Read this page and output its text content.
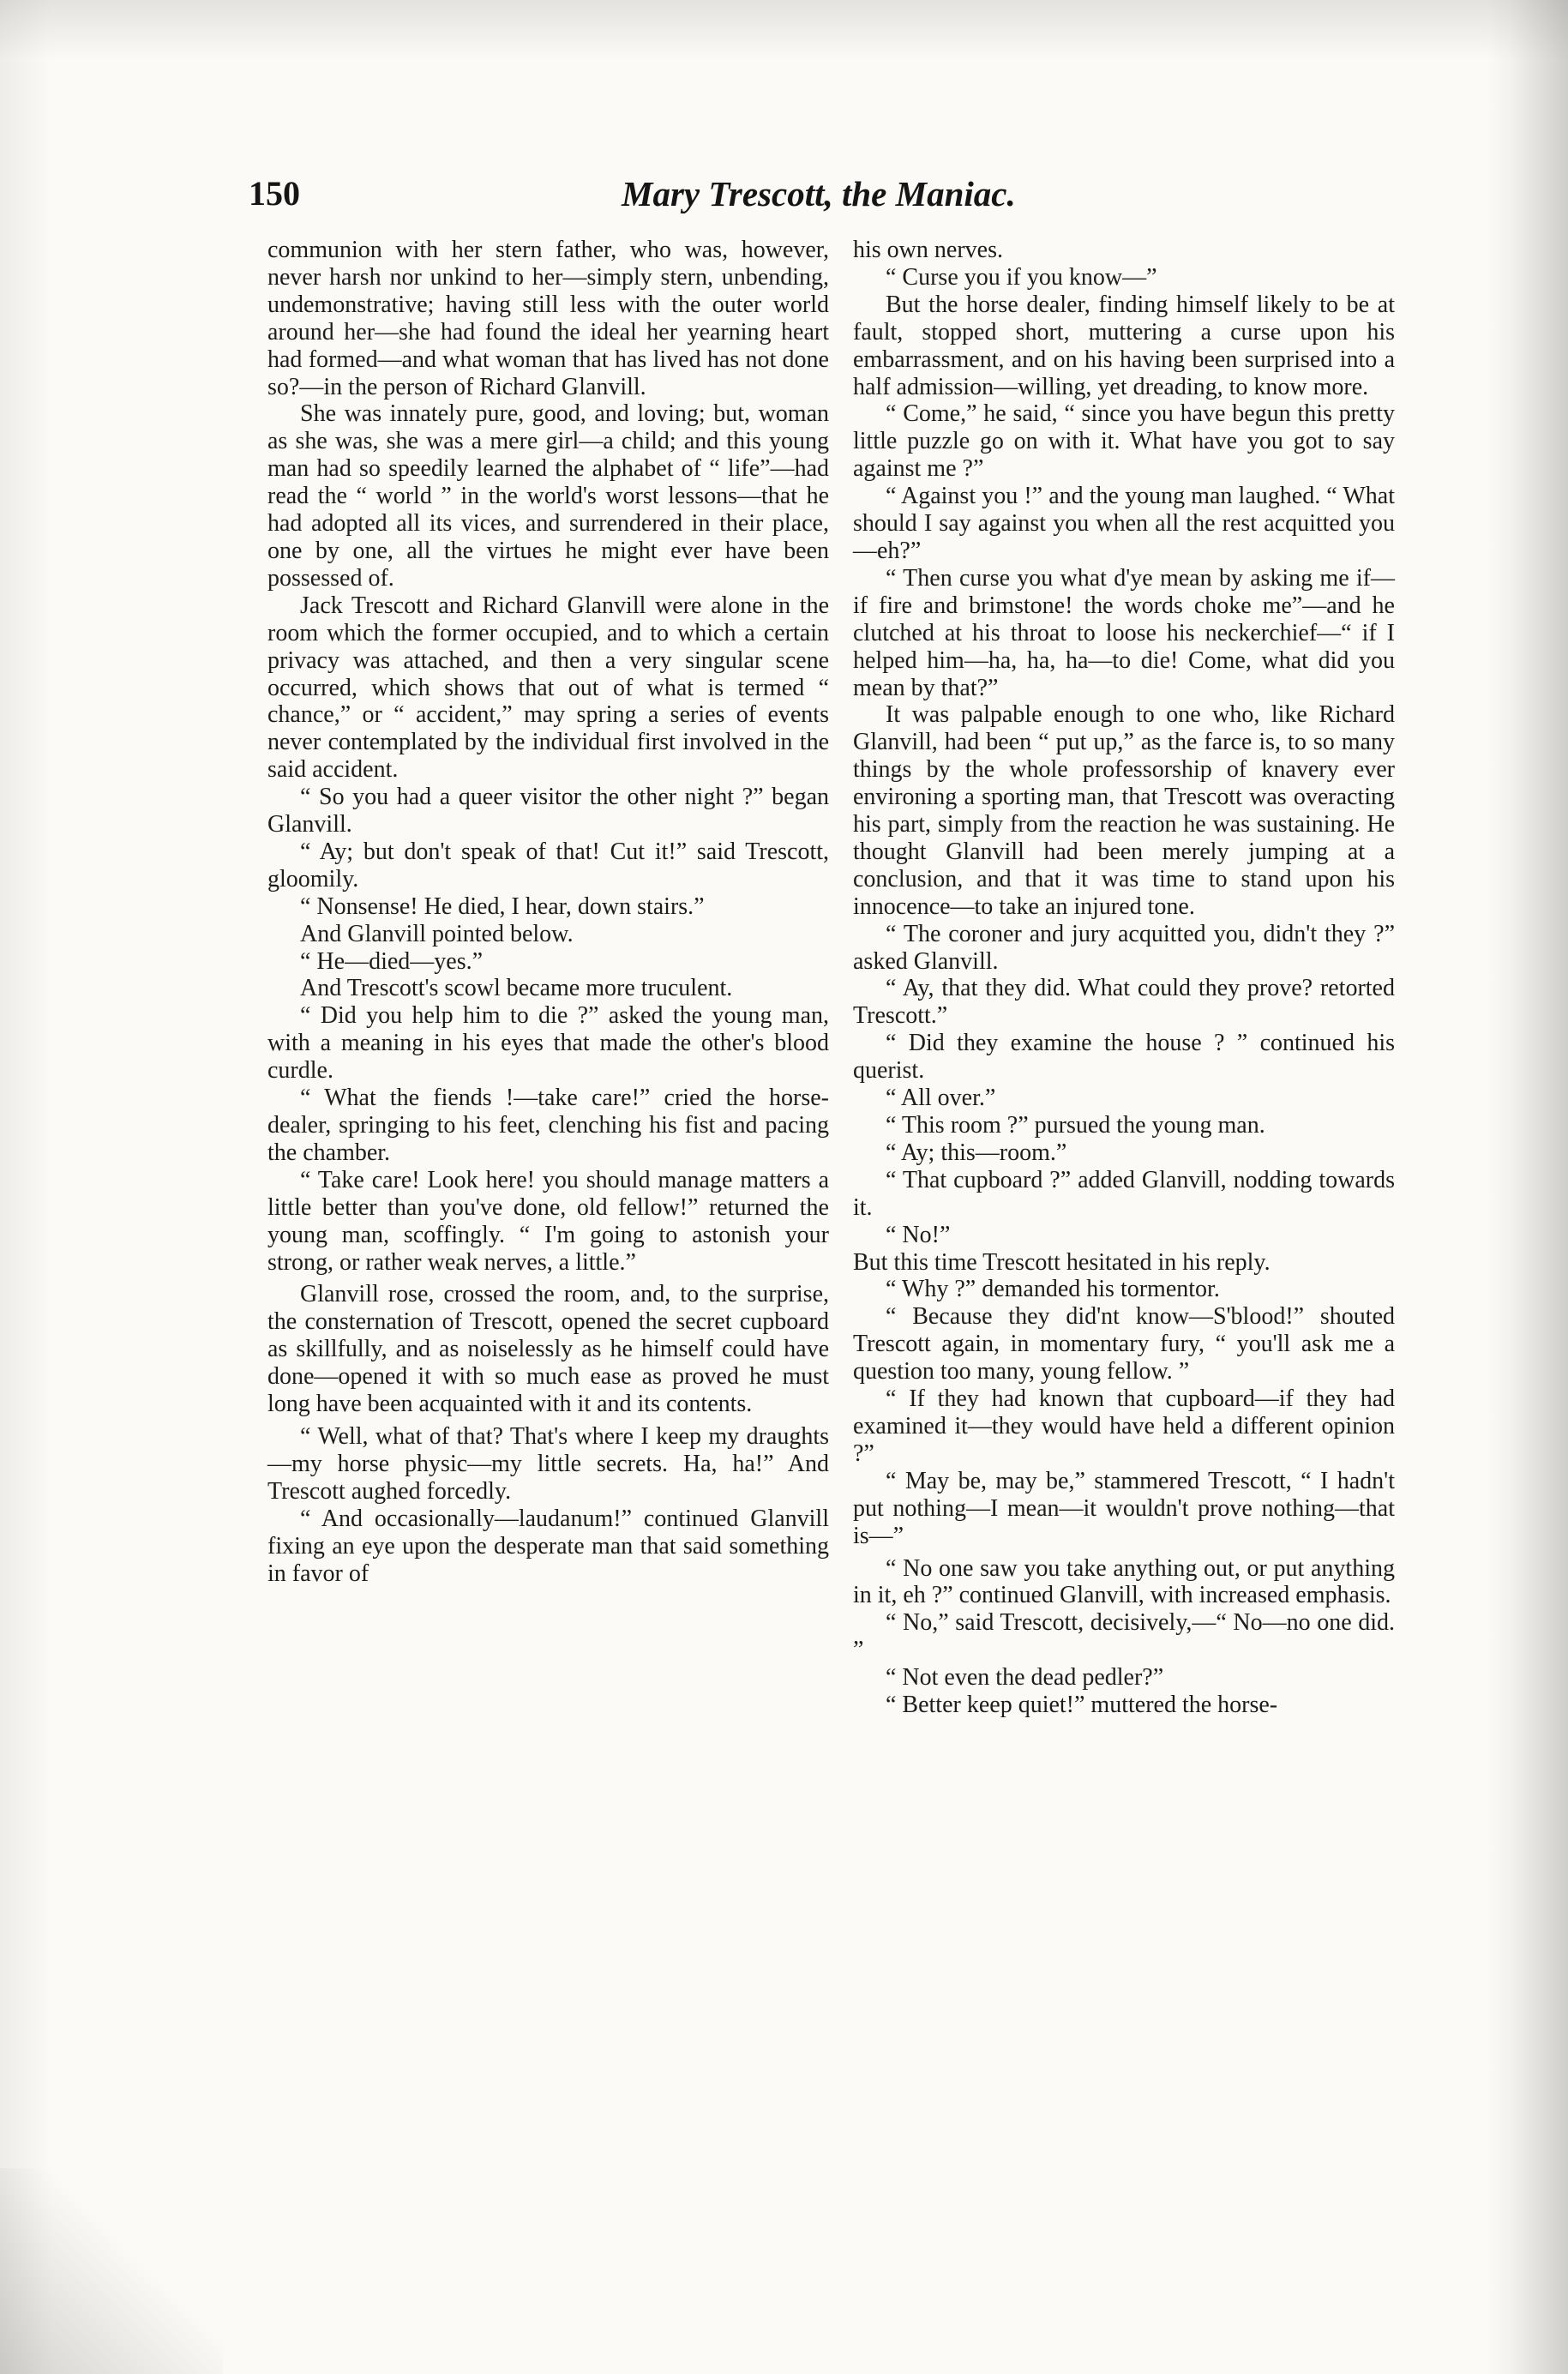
150	Mary Trescott, the Maniac.

communion with her stern father, who was, however, never harsh nor unkind to her—simply stern, unbending, undemonstrative; having still less with the outer world around her—she had found the ideal her yearning heart had formed—and what woman that has lived has not done so?—in the person of Richard Glanvill.

She was innately pure, good, and loving; but, woman as she was, she was a mere girl—a child; and this young man had so speedily learned the alphabet of “ life”—had read the “ world ” in the world's worst lessons—that he had adopted all its vices, and surrendered in their place, one by one, all the virtues he might ever have been possessed of.

Jack Trescott and Richard Glanvill were alone in the room which the former occupied, and to which a certain privacy was attached, and then a very singular scene occurred, which shows that out of what is termed “ chance,” or “ accident,” may spring a series of events never contemplated by the individual first involved in the said accident.

“ So you had a queer visitor the other night ?” began Glanvill.

“ Ay; but don't speak of that! Cut it!” said Trescott, gloomily.

“ Nonsense! He died, I hear, down stairs.”

And Glanvill pointed below.

“ He—died—yes.”

And Trescott's scowl became more truculent.

“ Did you help him to die ?” asked the young man, with a meaning in his eyes that made the other's blood curdle.

“ What the fiends !—take care!” cried the horse-dealer, springing to his feet, clenching his fist and pacing the chamber.

“ Take care! Look here! you should manage matters a little better than you've done, old fellow!” returned the young man, scoffingly. “ I'm going to astonish your strong, or rather weak nerves, a little.”

Glanvill rose, crossed the room, and, to the surprise, the consternation of Trescott, opened the secret cupboard as skillfully, and as noiselessly as he himself could have done—opened it with so much ease as proved he must long have been acquainted with it and its contents.

“ Well, what of that? That's where I keep my draughts—my horse physic—my little secrets. Ha, ha!” And Trescott aughed forcedly.

“ And occasionally—laudanum!” continued Glanvill fixing an eye upon the desperate man that said something in favor of

his own nerves.

“ Curse you if you know—”

But the horse dealer, finding himself likely to be at fault, stopped short, muttering a curse upon his embarrassment, and on his having been surprised into a half admission—willing, yet dreading, to know more.

“ Come,” he said, “ since you have begun this pretty little puzzle go on with it. What have you got to say against me ?”

“ Against you !” and the young man laughed. “ What should I say against you when all the rest acquitted you—eh?”

“ Then curse you what d'ye mean by asking me if—if fire and brimstone! the words choke me”—and he clutched at his throat to loose his neckerchief—“ if I helped him—ha, ha, ha—to die! Come, what did you mean by that?”

It was palpable enough to one who, like Richard Glanvill, had been “ put up,” as the farce is, to so many things by the whole professorship of knavery ever environing a sporting man, that Trescott was overacting his part, simply from the reaction he was sustaining. He thought Glanvill had been merely jumping at a conclusion, and that it was time to stand upon his innocence—to take an injured tone.

“ The coroner and jury acquitted you, didn't they ?” asked Glanvill.

“ Ay, that they did. What could they prove? retorted Trescott.”

“ Did they examine the house ? ” continued his querist.

“ All over.”

“ This room ?” pursued the young man.

“ Ay; this—room.”

“ That cupboard ?” added Glanvill, nodding towards it.

“ No!”

But this time Trescott hesitated in his reply.

“ Why ?” demanded his tormentor.

“ Because they did'nt know—S'blood!” shouted Trescott again, in momentary fury, “ you'll ask me a question too many, young fellow. ”

“ If they had known that cupboard—if they had examined it—they would have held a different opinion ?”

“ May be, may be,” stammered Trescott, “ I hadn't put nothing—I mean—it wouldn't prove nothing—that is—”

“ No one saw you take anything out, or put anything in it, eh ?” continued Glanvill, with increased emphasis.

“ No,” said Trescott, decisively,—“ No—no one did. ”

“ Not even the dead pedler?”

“ Better keep quiet!” muttered the horse-
